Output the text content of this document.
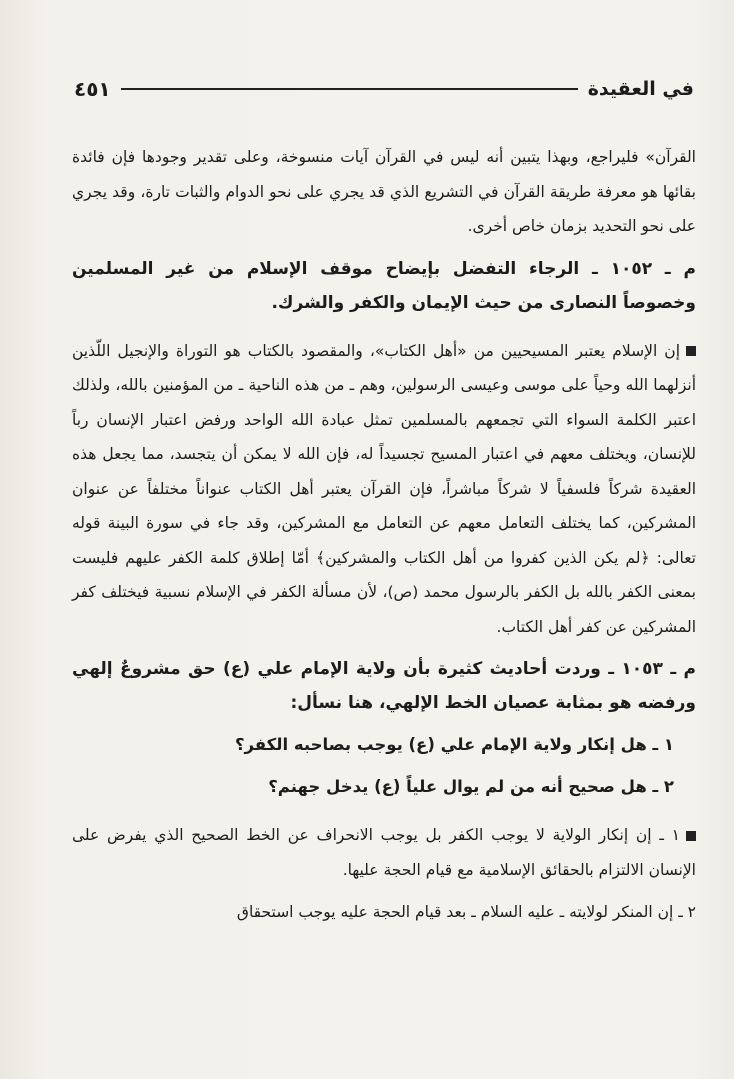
في العقيدة
٤٥١

القرآن» فليراجع، وبهذا يتبين أنه ليس في القرآن آيات منسوخة، وعلى تقدير وجودها فإن فائدة بقائها هو معرفة طريقة القرآن في التشريع الذي قد يجري على نحو الدوام والثبات تارة، وقد يجري على نحو التحديد بزمان خاص أخرى.

م ـ ١٠٥٢ ـ الرجاء التفضل بإيضاح موقف الإسلام من غير المسلمين وخصوصاً النصارى من حيث الإيمان والكفر والشرك.

إن الإسلام يعتبر المسيحيين من «أهل الكتاب»، والمقصود بالكتاب هو التوراة والإنجيل اللّذين أنزلهما الله وحياً على موسى وعيسى الرسولين، وهم ـ من هذه الناحية ـ من المؤمنين بالله، ولذلك اعتبر الكلمة السواء التي تجمعهم بالمسلمين تمثل عبادة الله الواحد ورفض اعتبار الإنسان رباً للإنسان، ويختلف معهم في اعتبار المسيح تجسيداً له، فإن الله لا يمكن أن يتجسد، مما يجعل هذه العقيدة شركاً فلسفياً لا شركاً مباشراً، فإن القرآن يعتبر أهل الكتاب عنواناً مختلفاً عن عنوان المشركين، كما يختلف التعامل معهم عن التعامل مع المشركين، وقد جاء في سورة البينة قوله تعالى: ﴿لم يكن الذين كفروا من أهل الكتاب والمشركين﴾ أمّا إطلاق كلمة الكفر عليهم فليست بمعنى الكفر بالله بل الكفر بالرسول محمد (ص)، لأن مسألة الكفر في الإسلام نسبية فيختلف كفر المشركين عن كفر أهل الكتاب.

م ـ ١٠٥٣ ـ وردت أحاديث كثيرة بأن ولاية الإمام علي (ع) حق مشروعٌ إلهي ورفضه هو بمثابة عصيان الخط الإلهي، هنا نسأل:

١ ـ هل إنكار ولاية الإمام علي (ع) يوجب بصاحبه الكفر؟

٢ ـ هل صحيح أنه من لم يوال علياً (ع) يدخل جهنم؟

١ ـ إن إنكار الولاية لا يوجب الكفر بل يوجب الانحراف عن الخط الصحيح الذي يفرض على الإنسان الالتزام بالحقائق الإسلامية مع قيام الحجة عليها.

٢ ـ إن المنكر لولايته ـ عليه السلام ـ بعد قيام الحجة عليه يوجب استحقاق
